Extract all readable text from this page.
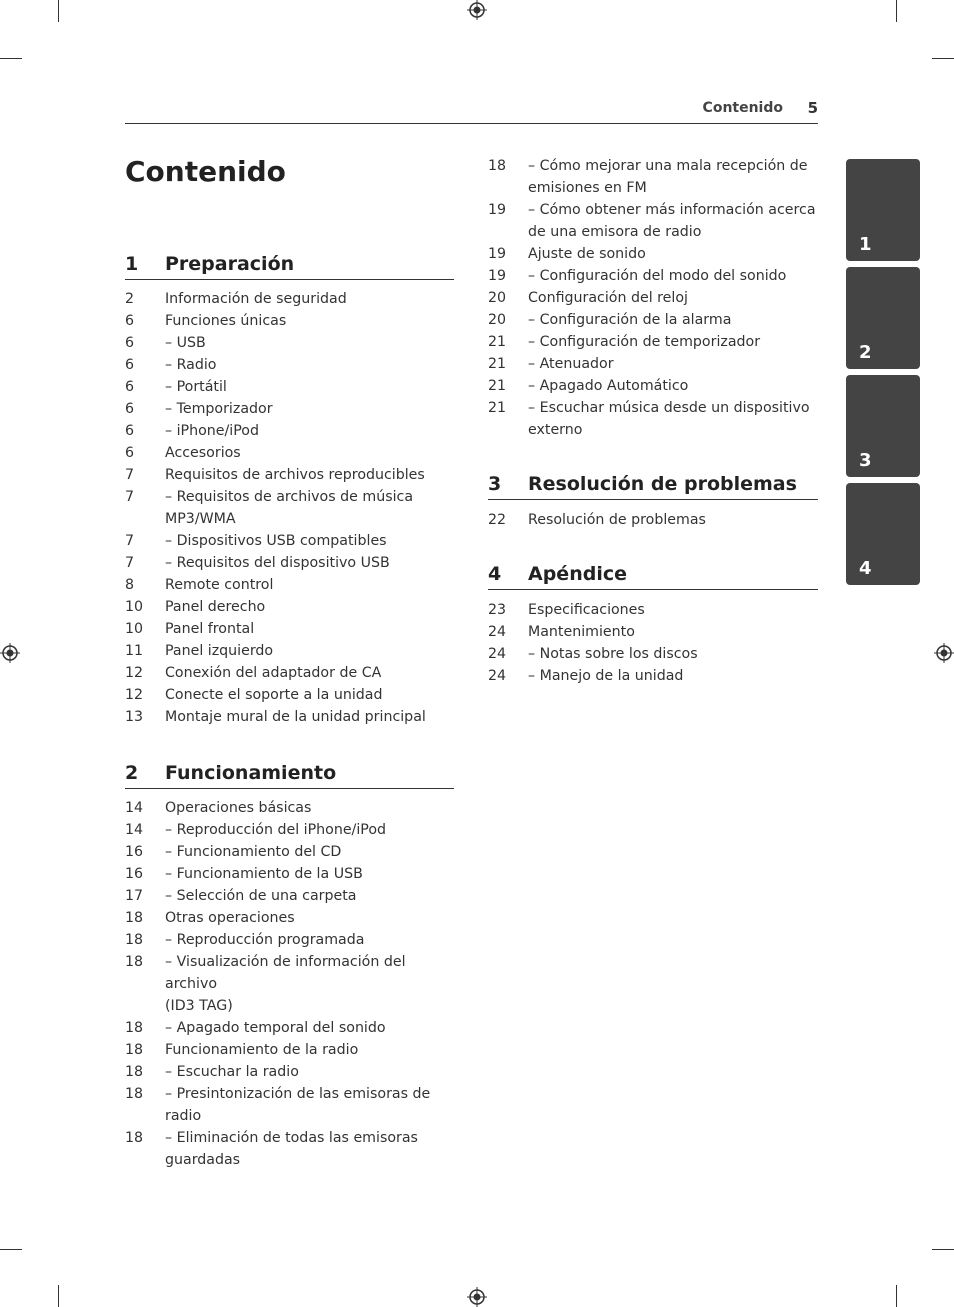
Contenido	5
Contenido
1 Preparación
2	Información de seguridad
6	Funciones únicas
6	– USB
6	– Radio
6	– Portátil
6	– Temporizador
6	– iPhone/iPod
6	Accesorios
7	Requisitos de archivos reproducibles
7	– Requisitos de archivos de música MP3/WMA
7	– Dispositivos USB compatibles
7	– Requisitos del dispositivo USB
8	Remote control
10	Panel derecho
10	Panel frontal
11	Panel izquierdo
12	Conexión del adaptador de CA
12	Conecte el soporte a la unidad
13	Montaje mural de la unidad principal
2 Funcionamiento
14	Operaciones básicas
14	– Reproducción del iPhone/iPod
16	– Funcionamiento del CD
16	– Funcionamiento de la USB
17	– Selección de una carpeta
18	Otras operaciones
18	– Reproducción programada
18	– Visualización de información del archivo
(ID3 TAG)
18	– Apagado temporal del sonido
18	Funcionamiento de la radio
18	– Escuchar la radio
18	– Presintonización de las emisoras de radio
18	– Eliminación de todas las emisoras guardadas
18	– Cómo mejorar una mala recepción de emisiones en FM
19	– Cómo obtener más información acerca de una emisora de radio
19	Ajuste de sonido
19	– Configuración del modo del sonido
20	Configuración del reloj
20	– Configuración de la alarma
21	– Configuración de temporizador
21	– Atenuador
21	– Apagado Automático
21	– Escuchar música desde un dispositivo externo
3 Resolución de problemas
22	Resolución de problemas
4 Apéndice
23	Especificaciones
24	Mantenimiento
24	– Notas sobre los discos
24	– Manejo de la unidad
1
2
3
4
